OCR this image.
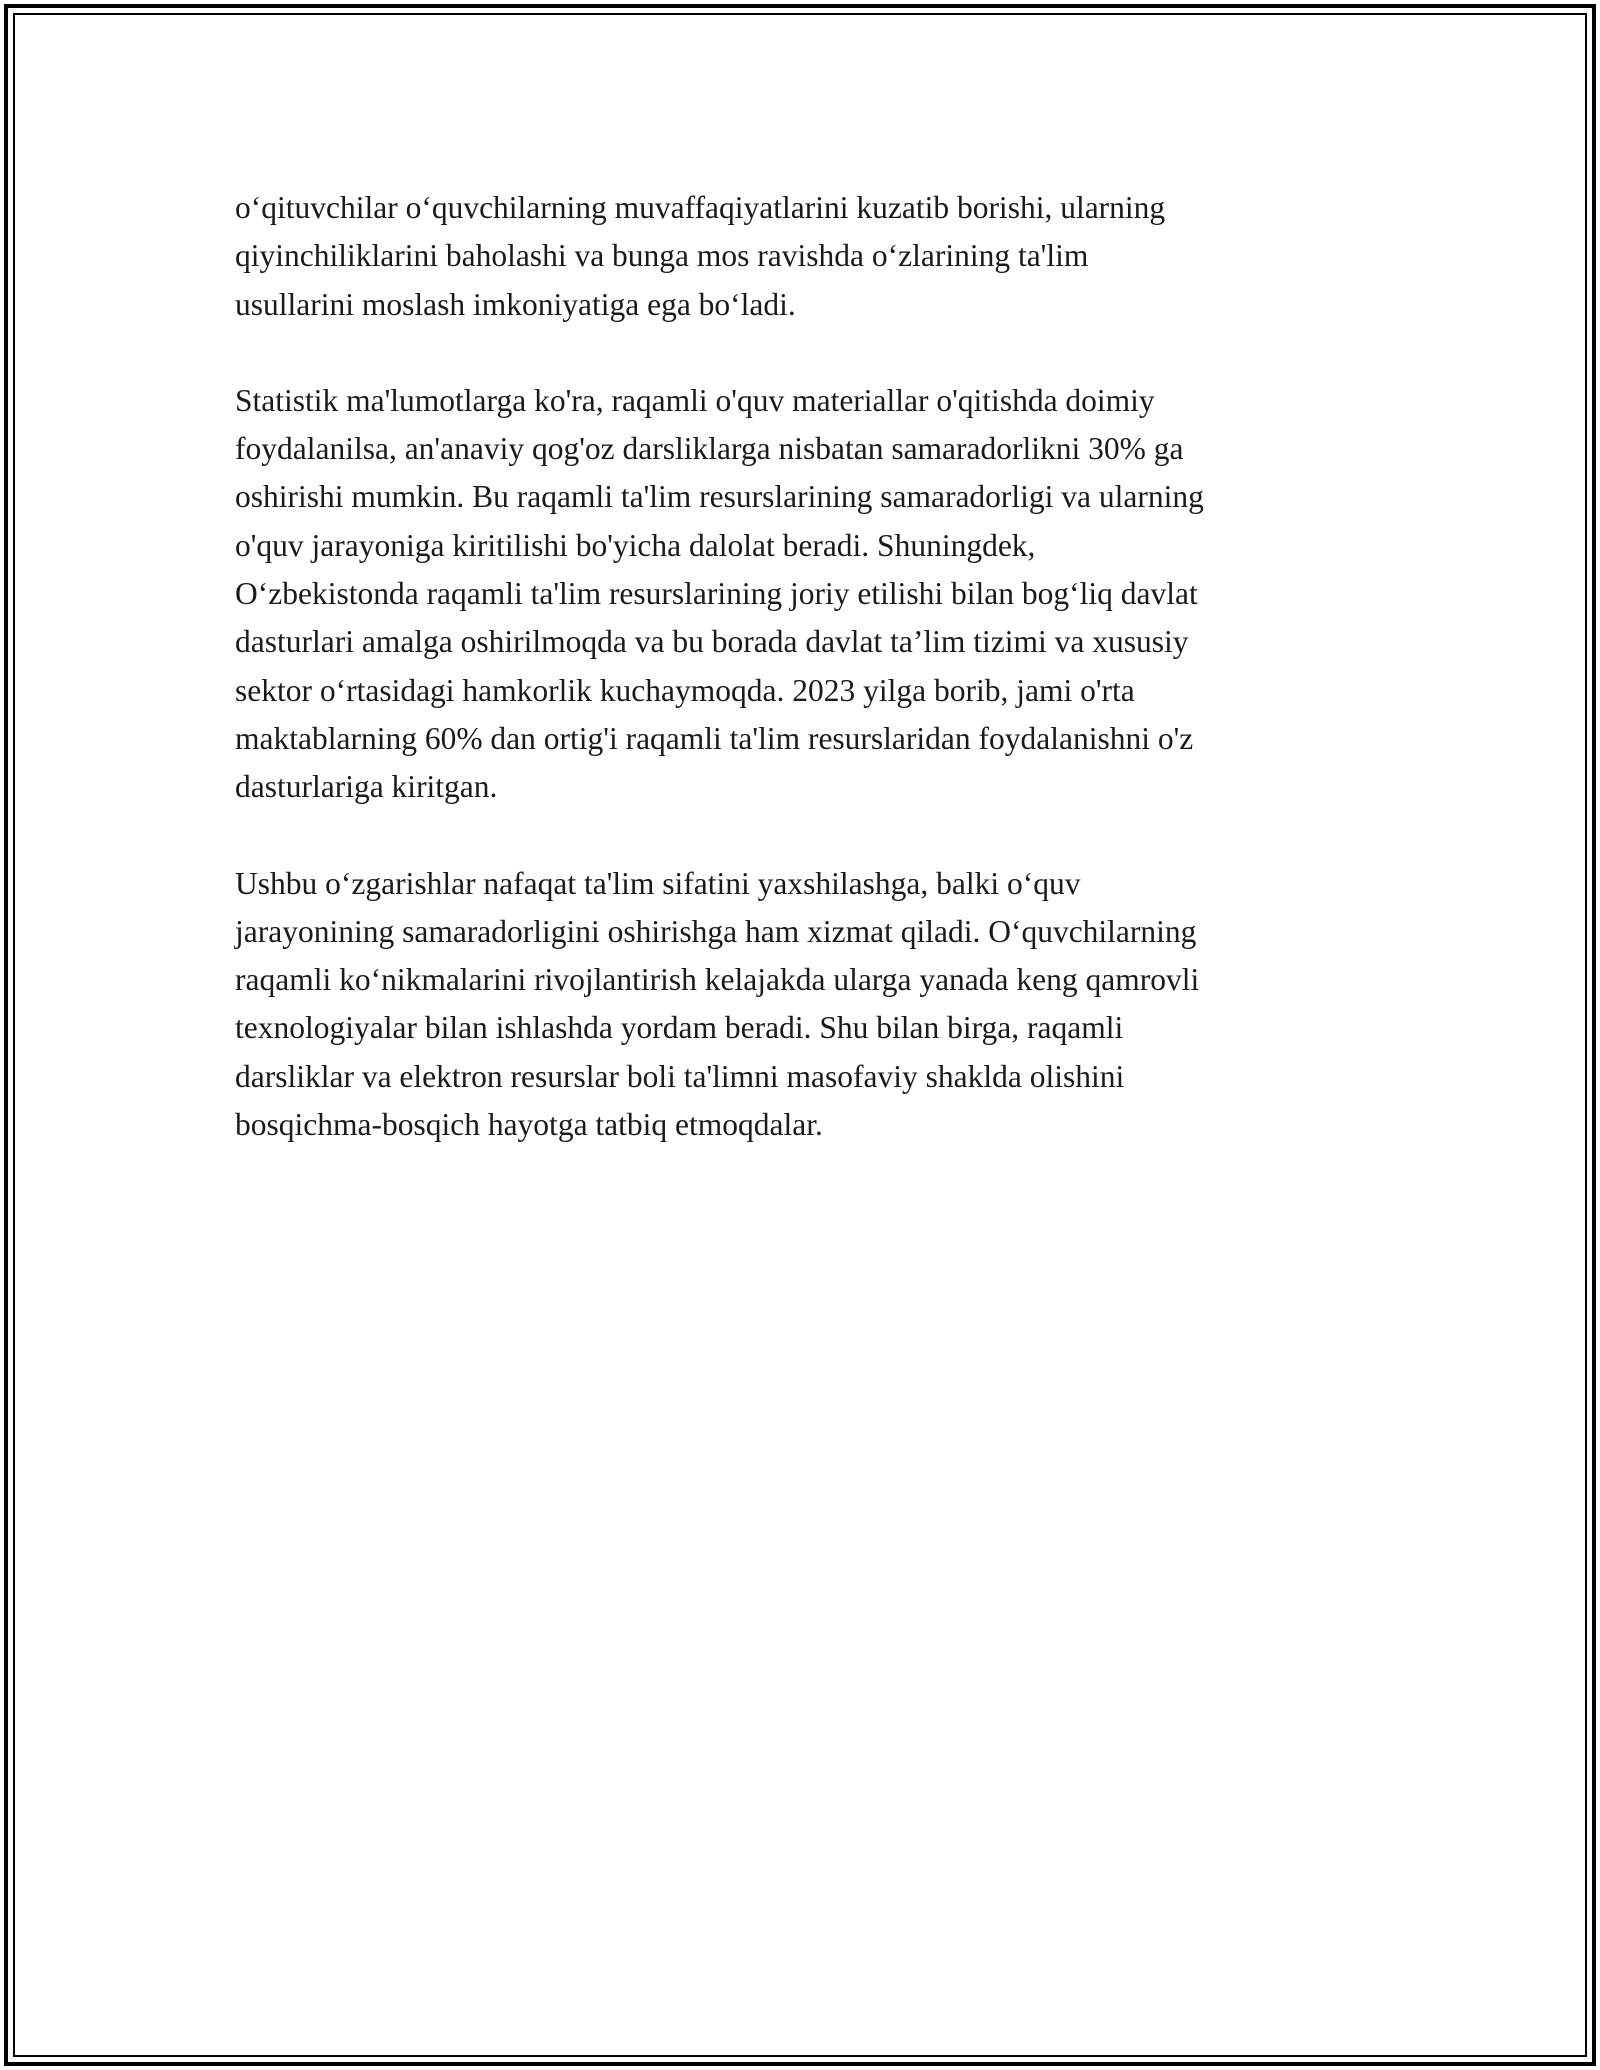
o‘qituvchilar o‘quvchilarning muvaffaqiyatlarini kuzatib borishi, ularning
qiyinchiliklarini baholashi va bunga mos ravishda o‘zlarining ta'lim
usullarini moslash imkoniyatiga ega bo‘ladi.

Statistik ma'lumotlarga ko'ra, raqamli o'quv materiallar o'qitishda doimiy
foydalanilsa, an'anaviy qog'oz darsliklarga nisbatan samaradorlikni 30% ga
oshirishi mumkin. Bu raqamli ta'lim resurslarining samaradorligi va ularning
o'quv jarayoniga kiritilishi bo'yicha dalolat beradi. Shuningdek,
O‘zbekistonda raqamli ta'lim resurslarining joriy etilishi bilan bog‘liq davlat
dasturlari amalga oshirilmoqda va bu borada davlat ta’lim tizimi va xususiy
sektor o‘rtasidagi hamkorlik kuchaymoqda. 2023 yilga borib, jami o'rta
maktablarning 60% dan ortig'i raqamli ta'lim resurslaridan foydalanishni o'z
dasturlariga kiritgan.

Ushbu o‘zgarishlar nafaqat ta'lim sifatini yaxshilashga, balki o‘quv
jarayonining samaradorligini oshirishga ham xizmat qiladi. O‘quvchilarning
raqamli ko‘nikmalarini rivojlantirish kelajakda ularga yanada keng qamrovli
texnologiyalar bilan ishlashda yordam beradi. Shu bilan birga, raqamli
darsliklar va elektron resurslar boli ta'limni masofaviy shaklda olishini
bosqichma-bosqich hayotga tatbiq etmoqdalar.
